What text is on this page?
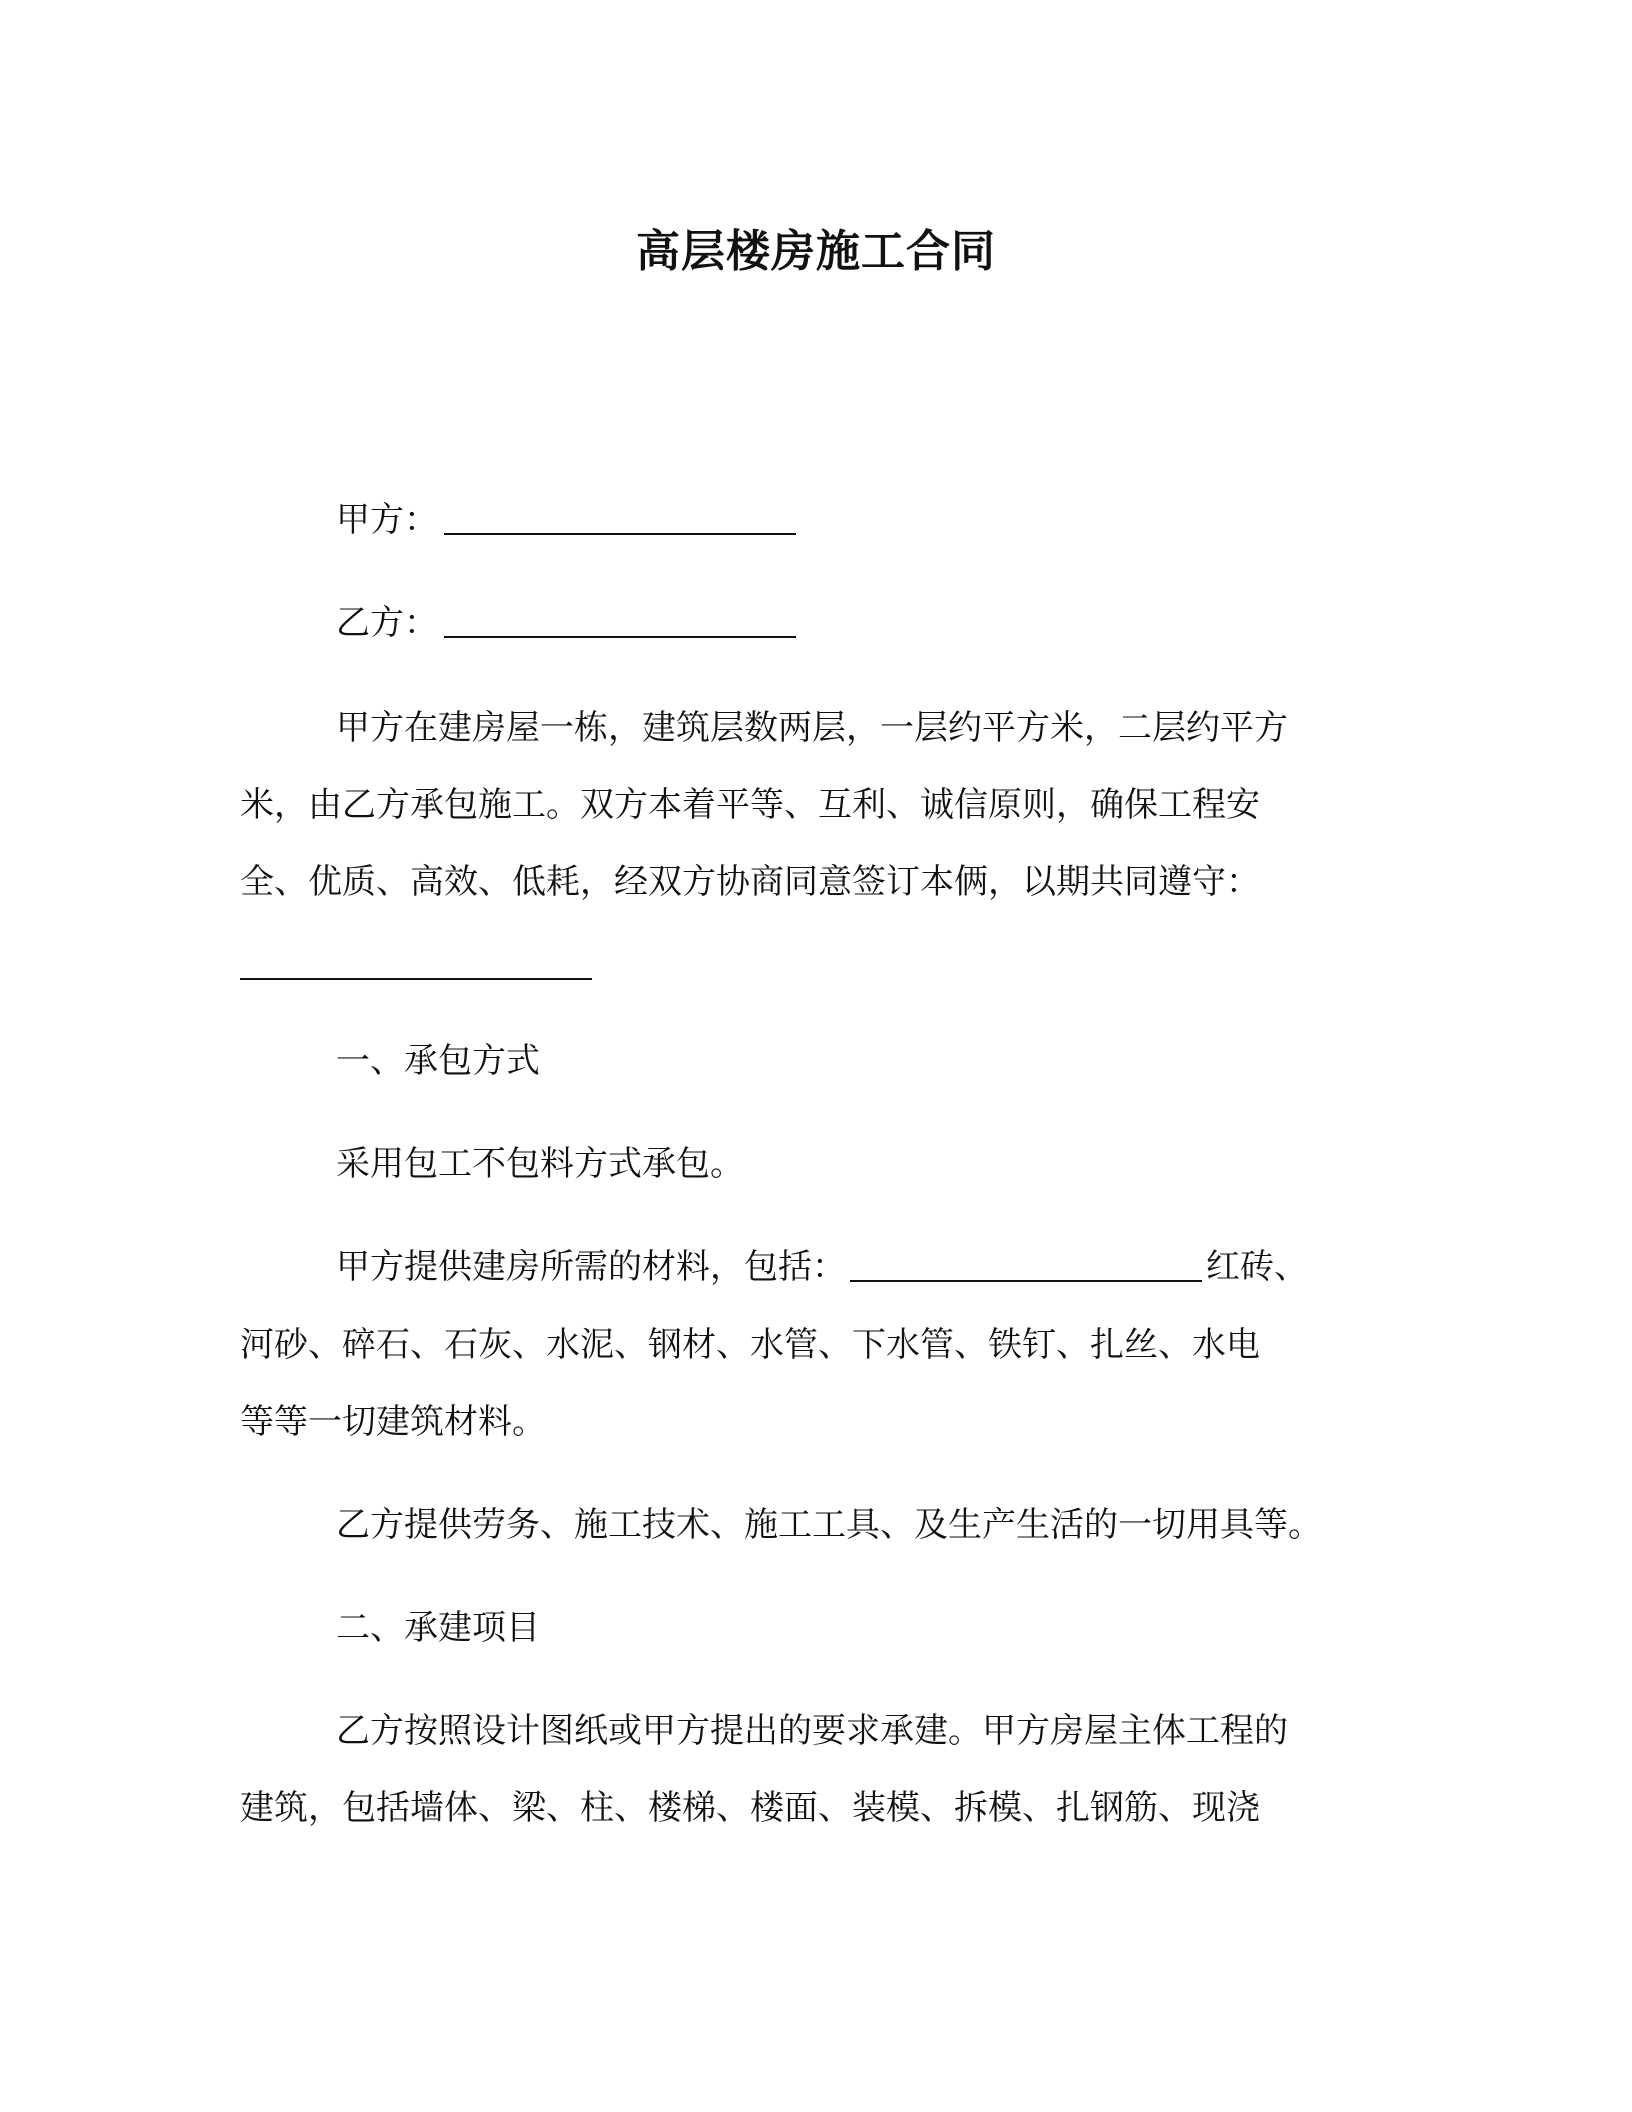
高层楼房施工合同
甲方：
乙方：
甲方在建房屋一栋，建筑层数两层，一层约平方米，二层约平方
米，由乙方承包施工。双方本着平等、互利、诚信原则，确保工程安
全、优质、高效、低耗，经双方协商同意签订本俩，以期共同遵守：
一、承包方式
采用包工不包料方式承包。
甲方提供建房所需的材料，包括：	红砖、
河砂、碎石、石灰、水泥、钢材、水管、下水管、铁钉、扎丝、水电
等等一切建筑材料。
乙方提供劳务、施工技术、施工工具、及生产生活的一切用具等。
二、承建项目
乙方按照设计图纸或甲方提出的要求承建。甲方房屋主体工程的
建筑，包括墙体、梁、柱、楼梯、楼面、装模、拆模、扎钢筋、现浇
